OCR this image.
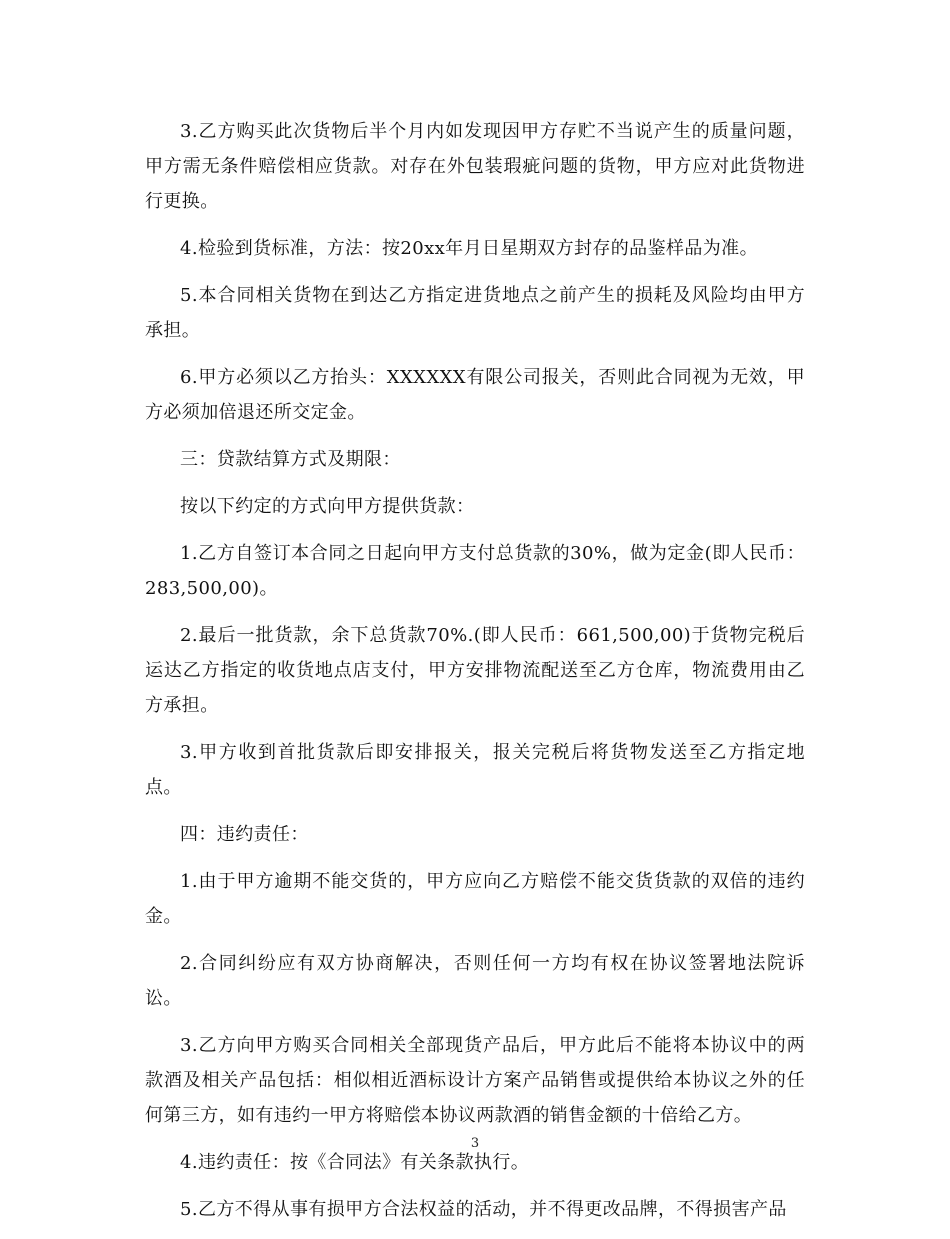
3.乙方购买此次货物后半个月内如发现因甲方存贮不当说产生的质量问题，甲方需无条件赔偿相应货款。对存在外包装瑕疵问题的货物，甲方应对此货物进行更换。

4.检验到货标准，方法：按20xx年月日星期双方封存的品鉴样品为准。

5.本合同相关货物在到达乙方指定进货地点之前产生的损耗及风险均由甲方承担。

6.甲方必须以乙方抬头：XXXXXX有限公司报关，否则此合同视为无效，甲方必须加倍退还所交定金。

三：贷款结算方式及期限：

按以下约定的方式向甲方提供货款：

1.乙方自签订本合同之日起向甲方支付总货款的30%，做为定金(即人民币：283,500,00)。

2.最后一批货款，余下总货款70%.(即人民币：661,500,00)于货物完税后运达乙方指定的收货地点店支付，甲方安排物流配送至乙方仓库，物流费用由乙方承担。

3.甲方收到首批货款后即安排报关，报关完税后将货物发送至乙方指定地点。

四：违约责任：

1.由于甲方逾期不能交货的，甲方应向乙方赔偿不能交货货款的双倍的违约金。

2.合同纠纷应有双方协商解决，否则任何一方均有权在协议签署地法院诉讼。

3.乙方向甲方购买合同相关全部现货产品后，甲方此后不能将本协议中的两款酒及相关产品包括：相似相近酒标设计方案产品销售或提供给本协议之外的任何第三方，如有违约一甲方将赔偿本协议两款酒的销售金额的十倍给乙方。

4.违约责任：按《合同法》有关条款执行。

5.乙方不得从事有损甲方合法权益的活动，并不得更改品牌，不得损害产品

3
